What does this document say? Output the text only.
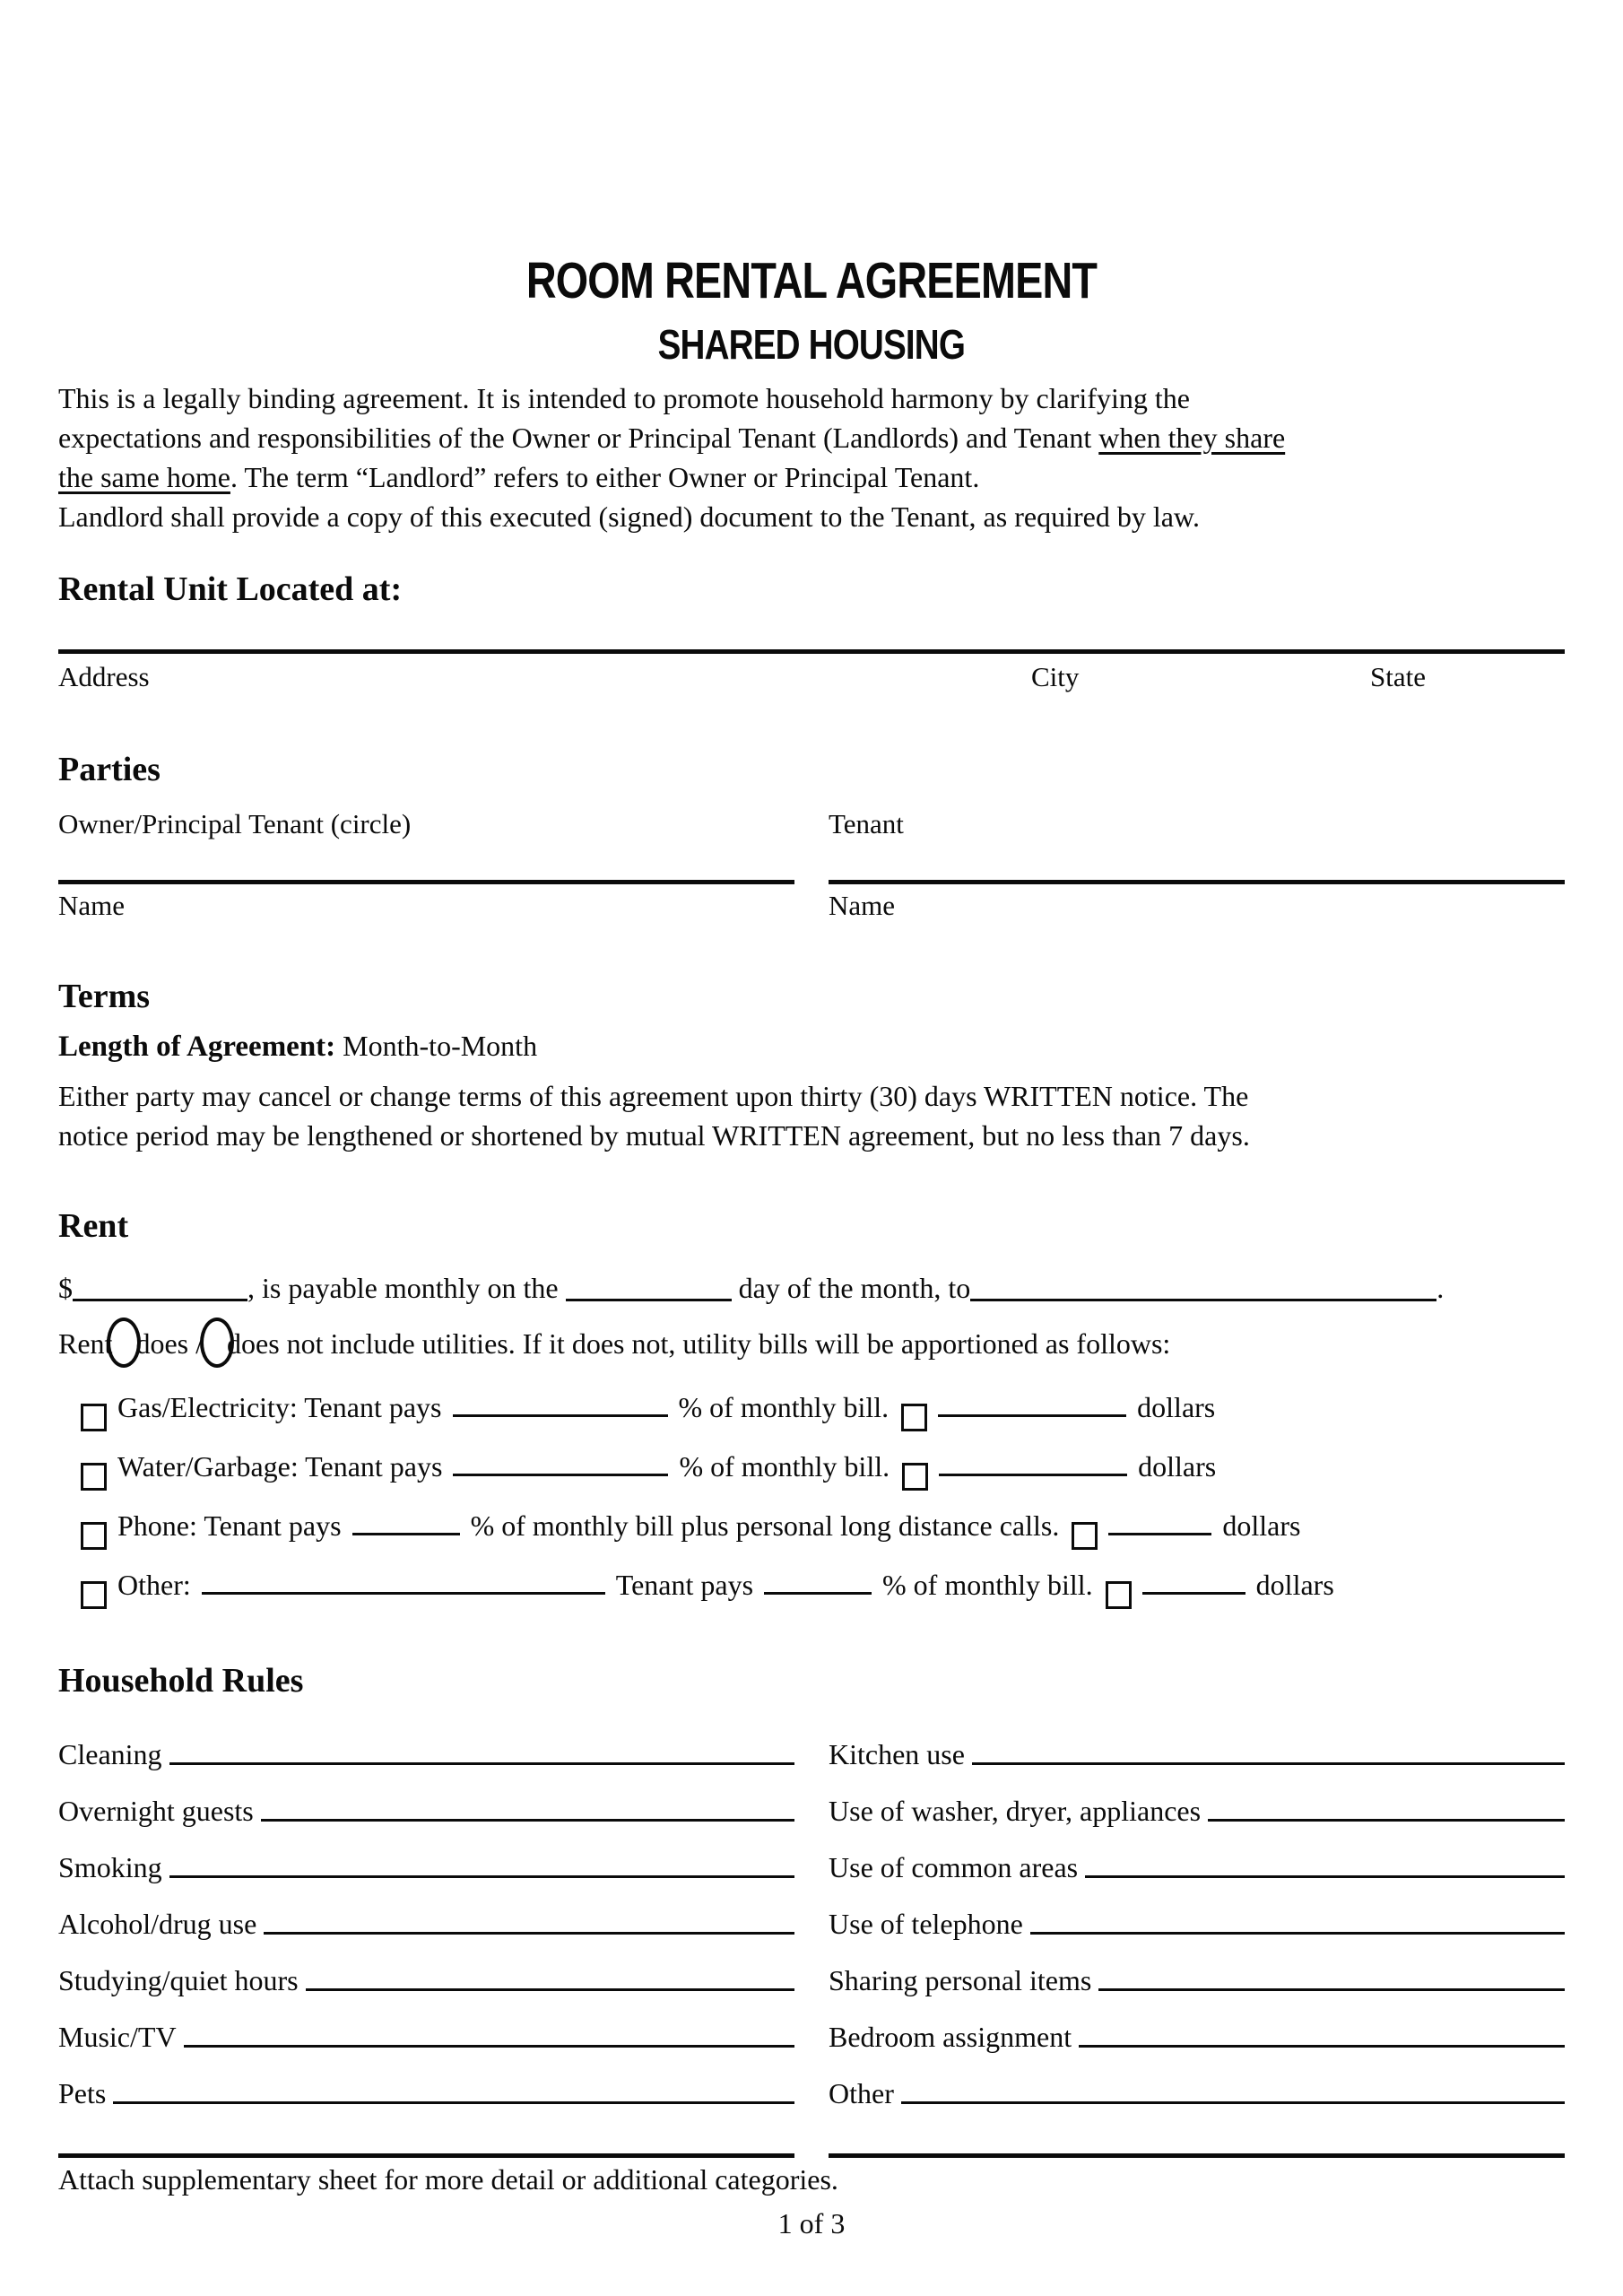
ROOM RENTAL AGREEMENT
SHARED HOUSING

This is a legally binding agreement. It is intended to promote household harmony by clarifying the
expectations and responsibilities of the Owner or Principal Tenant (Landlords) and Tenant when they share
the same home. The term “Landlord” refers to either Owner or Principal Tenant.
Landlord shall provide a copy of this executed (signed) document to the Tenant, as required by law.

Rental Unit Located at:
Address	City	State
Parties
Owner/Principal Tenant (circle)	Tenant
Name	Name
Terms

Length of Agreement: Month-to-Month

Either party may cancel or change terms of this agreement upon thirty (30) days WRITTEN notice. The
notice period may be lengthened or shortened by mutual WRITTEN agreement, but no less than 7 days.

Rent

$	, is payable monthly on the	day of the month, to	.

Rent does / does not include utilities. If it does not, utility bills will be apportioned as follows:

Gas/Electricity: Tenant pays	% of monthly bill.	dollars
Water/Garbage: Tenant pays	% of monthly bill.	dollars
Phone: Tenant pays	% of monthly bill plus personal long distance calls.	dollars
Other:	Tenant pays	% of monthly bill.	dollars
Household Rules
Cleaning	Kitchen use
Overnight guests	Use of washer, dryer, appliances
Smoking	Use of common areas
Alcohol/drug use	Use of telephone
Studying/quiet hours	Sharing personal items
Music/TV	Bedroom assignment
Pets	Other

Attach supplementary sheet for more detail or additional categories.

1 of 3
